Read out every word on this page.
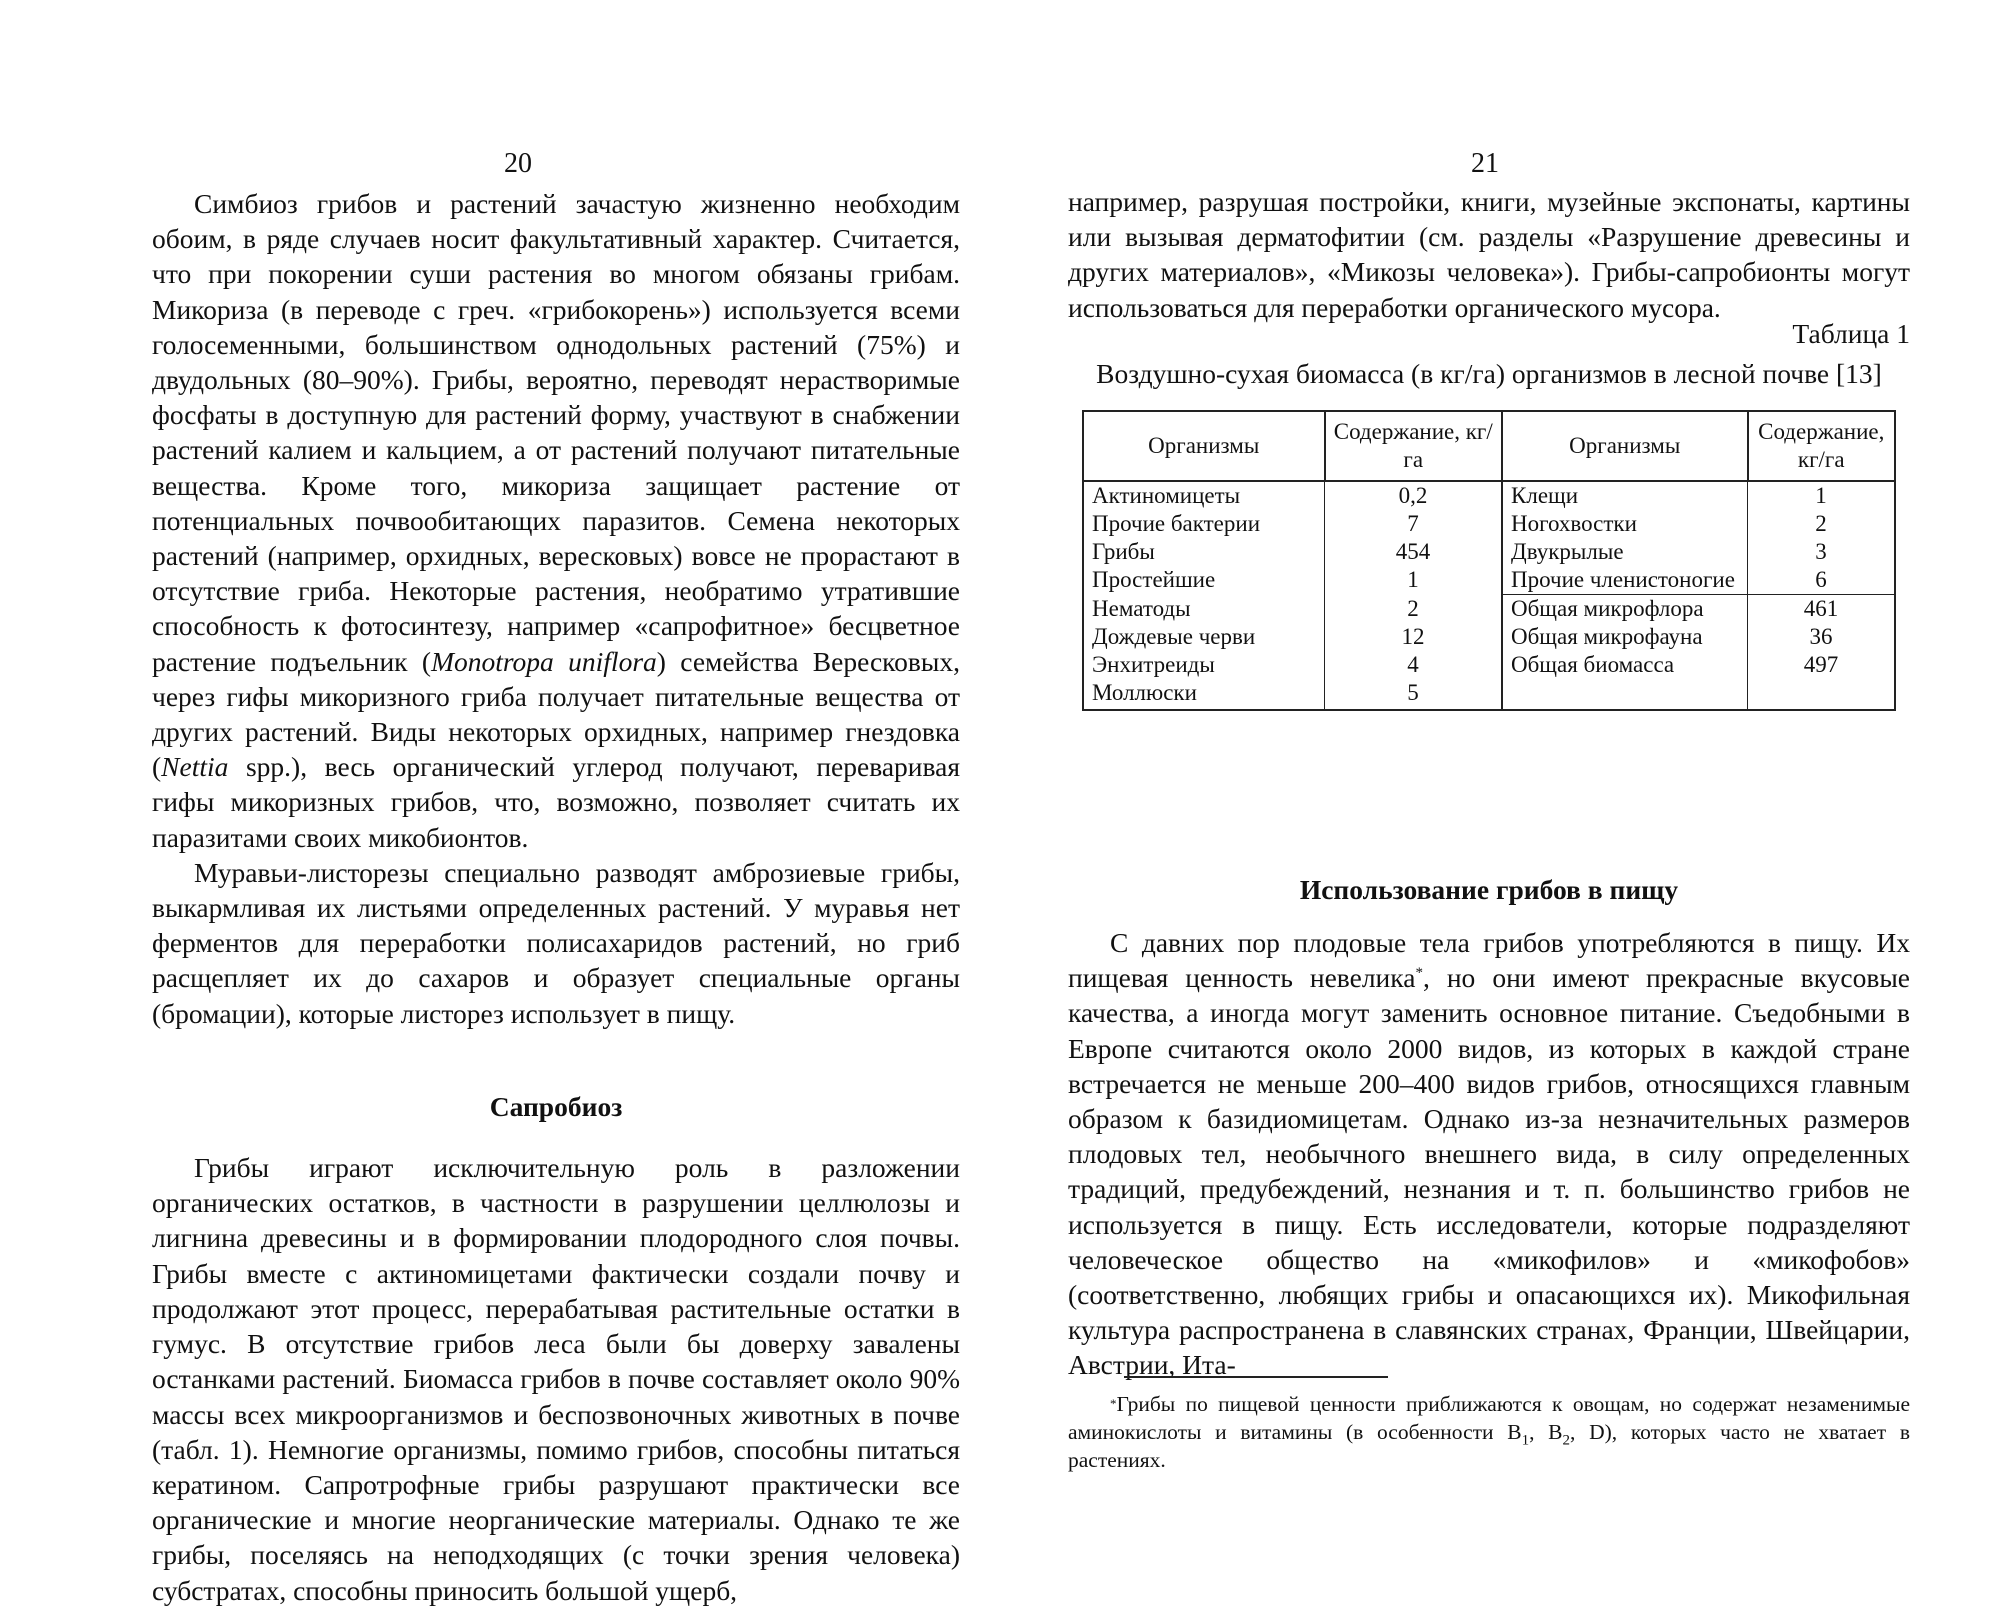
20

Симбиоз грибов и растений зачастую жизненно необходим обоим, в ряде случаев носит факультативный характер. Считается, что при покорении суши растения во многом обязаны грибам. Микориза (в переводе с греч. «грибокорень») используется всеми голосеменными, большинством однодольных растений (75%) и двудольных (80–90%). Грибы, вероятно, переводят нерастворимые фосфаты в доступную для растений форму, участвуют в снабжении растений калием и кальцием, а от растений получают питательные вещества. Кроме того, микориза защищает растение от потенциальных почвообитающих паразитов. Семена некоторых растений (например, орхидных, вересковых) вовсе не прорастают в отсутствие гриба. Некоторые растения, необратимо утратившие способность к фотосинтезу, например «сапрофитное» бесцветное растение подъельник (Monotropa uniflora) семейства Вересковых, через гифы микоризного гриба получает питательные вещества от других растений. Виды некоторых орхидных, например гнездовка (Nettia spp.), весь органический углерод получают, переваривая гифы микоризных грибов, что, возможно, позволяет считать их паразитами своих микобионтов.

Муравьи-листорезы специально разводят амброзиевые грибы, выкармливая их листьями определенных растений. У муравья нет ферментов для переработки полисахаридов растений, но гриб расщепляет их до сахаров и образует специальные органы (бромации), которые листорез использует в пищу.

Сапробиоз

Грибы играют исключительную роль в разложении органических остатков, в частности в разрушении целлюлозы и лигнина древесины и в формировании плодородного слоя почвы. Грибы вместе с актиномицетами фактически создали почву и продолжают этот процесс, перерабатывая растительные остатки в гумус. В отсутствие грибов леса были бы доверху завалены останками растений. Биомасса грибов в почве составляет около 90% массы всех микроорганизмов и беспозвоночных животных в почве (табл. 1). Немногие организмы, помимо грибов, способны питаться кератином. Сапротрофные грибы разрушают практически все органические и многие неорганические материалы. Однако те же грибы, поселяясь на неподходящих (с точки зрения человека) субстратах, способны приносить большой ущерб,

21

например, разрушая постройки, книги, музейные экспонаты, картины или вызывая дерматофитии (см. разделы «Разрушение древесины и других материалов», «Микозы человека»). Грибы-сапробионты могут использоваться для переработки органического мусора.

Таблица 1
Воздушно-сухая биомасса (в кг/га) организмов в лесной почве [13]
Организмы	Содержание, кг/га	Организмы	Содержание, кг/га
Актиномицеты	0,2	Клещи	1
Прочие бактерии	7	Ногохвостки	2
Грибы	454	Двукрылые	3
Простейшие	1	Прочие членистоногие	6
Нематоды	2	Общая микрофлора	461
Дождевые черви	12	Общая микрофауна	36
Энхитреиды	4	Общая биомасса	497
Моллюски	5		
Использование грибов в пищу

С давних пор плодовые тела грибов употребляются в пищу. Их пищевая ценность невелика*, но они имеют прекрасные вкусовые качества, а иногда могут заменить основное питание. Съедобными в Европе считаются около 2000 видов, из которых в каждой стране встречается не меньше 200–400 видов грибов, относящихся главным образом к базидиомицетам. Однако из-за незначительных размеров плодовых тел, необычного внешнего вида, в силу определенных традиций, предубеждений, незнания и т. п. большинство грибов не используется в пищу. Есть исследователи, которые подразделяют человеческое общество на «микофилов» и «микофобов» (соответственно, любящих грибы и опасающихся их). Микофильная культура распространена в славянских странах, Франции, Швейцарии, Австрии, Ита-

*Грибы по пищевой ценности приближаются к овощам, но содержат незаменимые аминокислоты и витамины (в особенности $B_1$, $B_2$, D), которых часто не хватает в растениях.
